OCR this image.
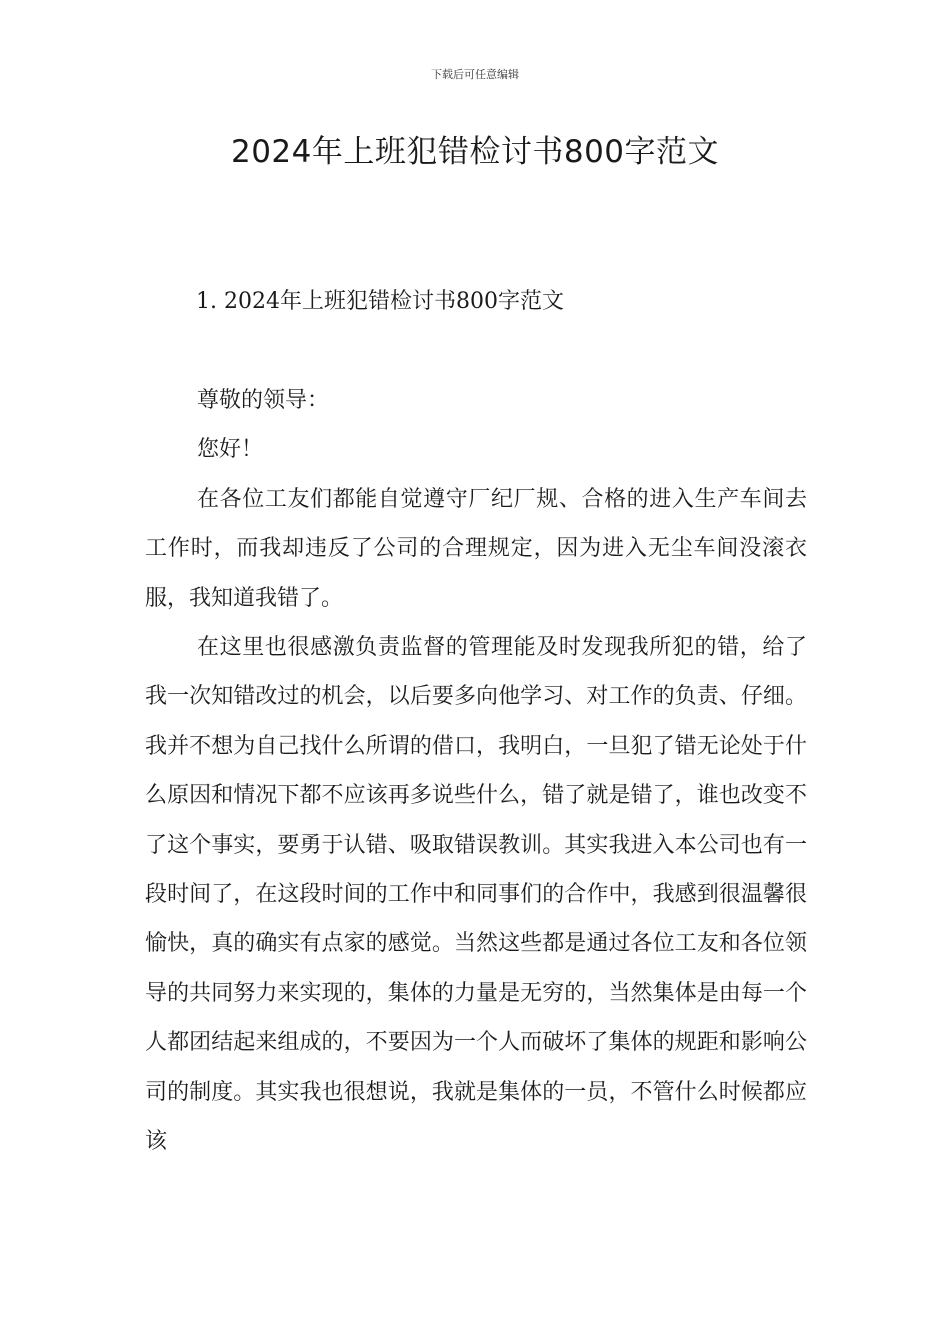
下载后可任意编辑
2024年上班犯错检讨书800字范文
1. 2024年上班犯错检讨书800字范文

尊敬的领导：

您好！

在各位工友们都能自觉遵守厂纪厂规、合格的进入生产车间去工作时，而我却违反了公司的合理规定，因为进入无尘车间没滚衣服，我知道我错了。

在这里也很感激负责监督的管理能及时发现我所犯的错，给了我一次知错改过的机会，以后要多向他学习、对工作的负责、仔细。我并不想为自己找什么所谓的借口，我明白，一旦犯了错无论处于什么原因和情况下都不应该再多说些什么，错了就是错了，谁也改变不了这个事实，要勇于认错、吸取错误教训。其实我进入本公司也有一段时间了，在这段时间的工作中和同事们的合作中，我感到很温馨很愉快，真的确实有点家的感觉。当然这些都是通过各位工友和各位领导的共同努力来实现的，集体的力量是无穷的，当然集体是由每一个人都团结起来组成的，不要因为一个人而破坏了集体的规距和影响公司的制度。其实我也很想说，我就是集体的一员，不管什么时候都应该
